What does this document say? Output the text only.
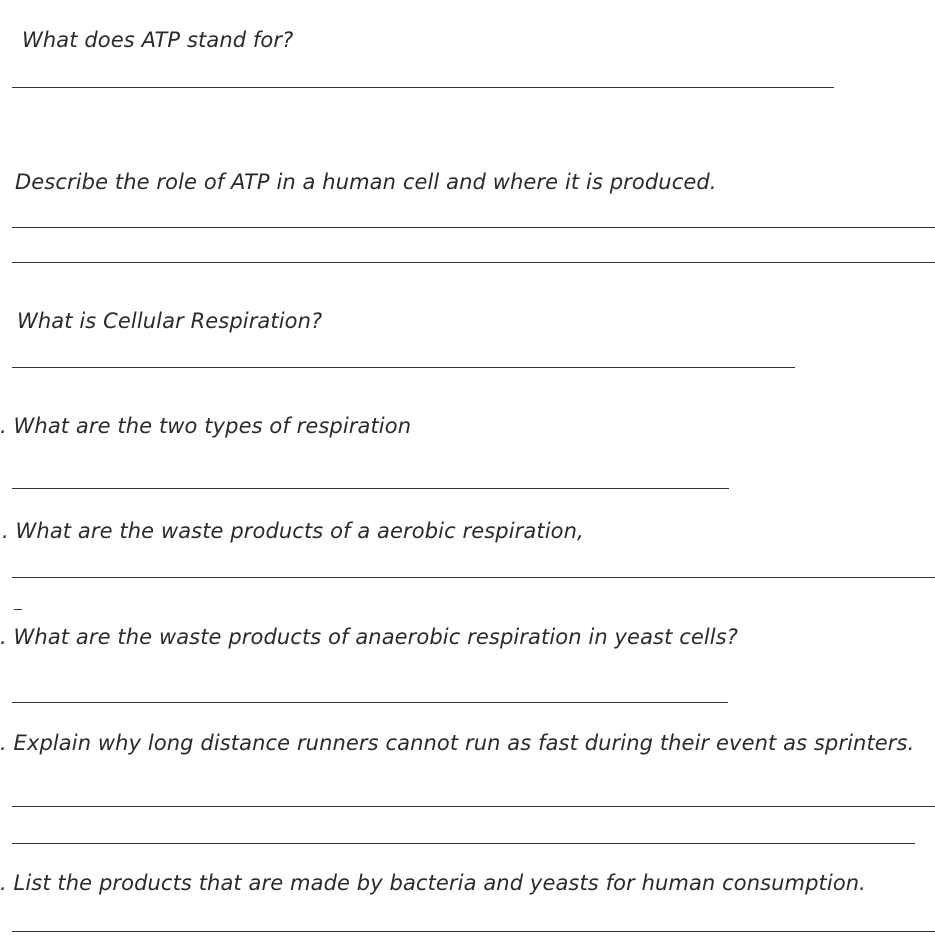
What does ATP stand for?
Describe the role of ATP in a human cell and where it is produced.
What is Cellular Respiration?
. What are the two types of respiration
. What are the waste products of a aerobic respiration,
. What are the waste products of anaerobic respiration in yeast cells?
. Explain why long distance runners cannot run as fast during their event as sprinters.
. List the products that are made by bacteria and yeasts for human consumption.
